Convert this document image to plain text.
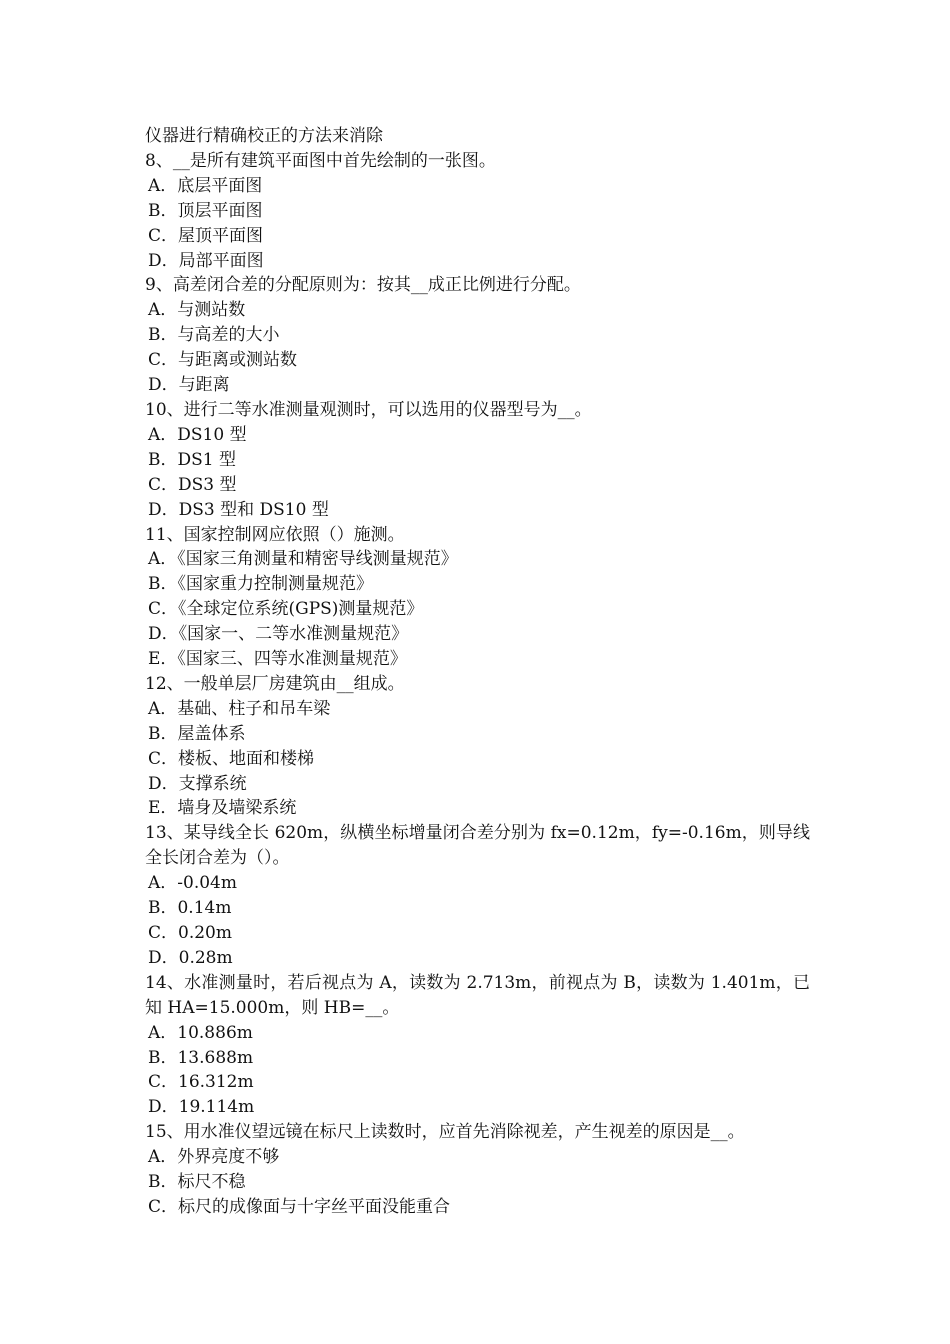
仪器进行精确校正的方法来消除
8、__是所有建筑平面图中首先绘制的一张图。
A．底层平面图
B．顶层平面图
C．屋顶平面图
D．局部平面图
9、高差闭合差的分配原则为：按其__成正比例进行分配。
A．与测站数
B．与高差的大小
C．与距离或测站数
D．与距离
10、进行二等水准测量观测时，可以选用的仪器型号为__。
A．DS10 型
B．DS1 型
C．DS3 型
D．DS3 型和 DS10 型
11、国家控制网应依照（）施测。
A．《国家三角测量和精密导线测量规范》
B．《国家重力控制测量规范》
C．《全球定位系统(GPS)测量规范》
D．《国家一、二等水准测量规范》
E．《国家三、四等水准测量规范》
12、一般单层厂房建筑由__组成。
A．基础、柱子和吊车梁
B．屋盖体系
C．楼板、地面和楼梯
D．支撑系统
E．墙身及墙梁系统
13、某导线全长 620m，纵横坐标增量闭合差分别为 fx=0.12m，fy=-0.16m，则导线全长闭合差为（）。
A．-0.04m
B．0.14m
C．0.20m
D．0.28m
14、水准测量时，若后视点为 A，读数为 2.713m，前视点为 B，读数为 1.401m，已知 HA=15.000m，则 HB=__。
A．10.886m
B．13.688m
C．16.312m
D．19.114m
15、用水准仪望远镜在标尺上读数时，应首先消除视差，产生视差的原因是__。
A．外界亮度不够
B．标尺不稳
C．标尺的成像面与十字丝平面没能重合
